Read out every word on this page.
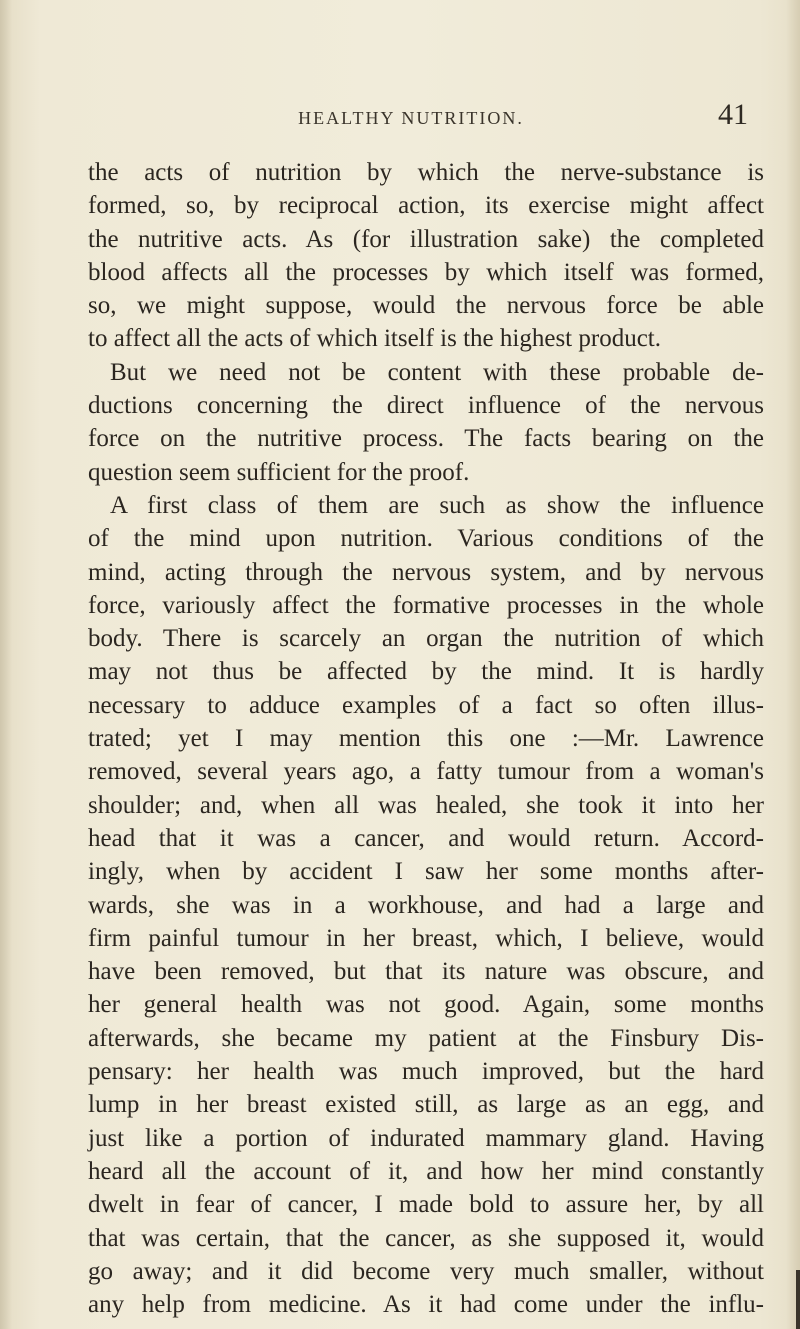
HEALTHY NUTRITION.	41
the acts of nutrition by which the nerve-substance is
formed, so, by reciprocal action, its exercise might affect
the nutritive acts. As (for illustration sake) the completed
blood affects all the processes by which itself was formed,
so, we might suppose, would the nervous force be able
to affect all the acts of which itself is the highest product.
But we need not be content with these probable de-
ductions concerning the direct influence of the nervous
force on the nutritive process. The facts bearing on the
question seem sufficient for the proof.
A first class of them are such as show the influence
of the mind upon nutrition. Various conditions of the
mind, acting through the nervous system, and by nervous
force, variously affect the formative processes in the whole
body. There is scarcely an organ the nutrition of which
may not thus be affected by the mind. It is hardly
necessary to adduce examples of a fact so often illus-
trated; yet I may mention this one :—Mr. Lawrence
removed, several years ago, a fatty tumour from a woman's
shoulder; and, when all was healed, she took it into her
head that it was a cancer, and would return. Accord-
ingly, when by accident I saw her some months after-
wards, she was in a workhouse, and had a large and
firm painful tumour in her breast, which, I believe, would
have been removed, but that its nature was obscure, and
her general health was not good. Again, some months
afterwards, she became my patient at the Finsbury Dis-
pensary: her health was much improved, but the hard
lump in her breast existed still, as large as an egg, and
just like a portion of indurated mammary gland. Having
heard all the account of it, and how her mind constantly
dwelt in fear of cancer, I made bold to assure her, by all
that was certain, that the cancer, as she supposed it, would
go away; and it did become very much smaller, without
any help from medicine. As it had come under the influ-
